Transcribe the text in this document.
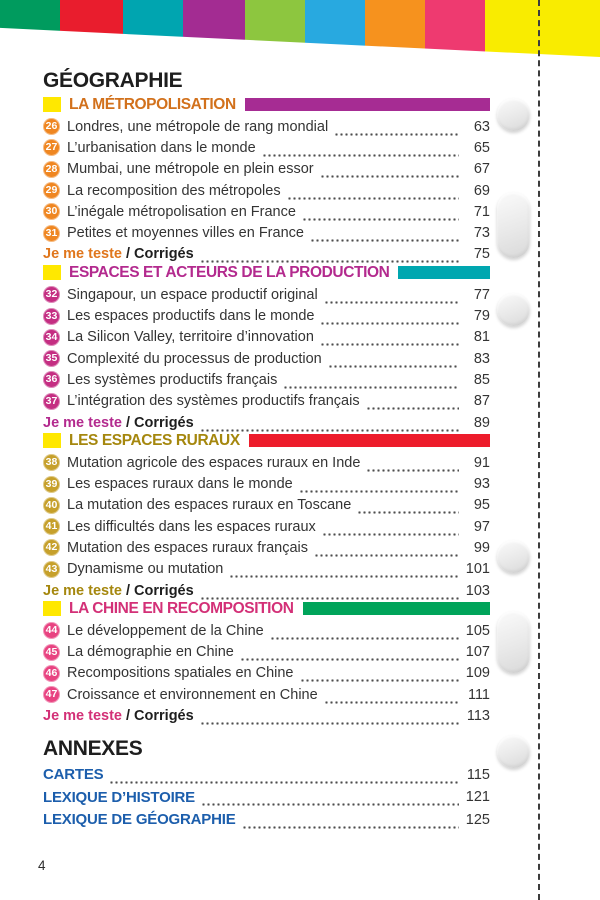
GÉOGRAPHIE
LA MÉTROPOLISATION
26 Londres, une métropole de rang mondial	63
27 L’urbanisation dans le monde	65
28 Mumbai, une métropole en plein essor	67
29 La recomposition des métropoles	69
30 L’inégale métropolisation en France	71
31 Petites et moyennes villes en France	73
Je me teste / Corrigés	75
ESPACES ET ACTEURS DE LA PRODUCTION
32 Singapour, un espace productif original	77
33 Les espaces productifs dans le monde	79
34 La Silicon Valley, territoire d’innovation	81
35 Complexité du processus de production	83
36 Les systèmes productifs français	85
37 L’intégration des systèmes productifs français	87
Je me teste / Corrigés	89
LES ESPACES RURAUX
38 Mutation agricole des espaces ruraux en Inde	91
39 Les espaces ruraux dans le monde	93
40 La mutation des espaces ruraux en Toscane	95
41 Les difficultés dans les espaces ruraux	97
42 Mutation des espaces ruraux français	99
43 Dynamisme ou mutation	101
Je me teste / Corrigés	103
LA CHINE EN RECOMPOSITION
44 Le développement de la Chine	105
45 La démographie en Chine	107
46 Recompositions spatiales en Chine	109
47 Croissance et environnement en Chine	111
Je me teste / Corrigés	113
ANNEXES
CARTES	115
LEXIQUE D’HISTOIRE	121
LEXIQUE DE GÉOGRAPHIE	125
4
